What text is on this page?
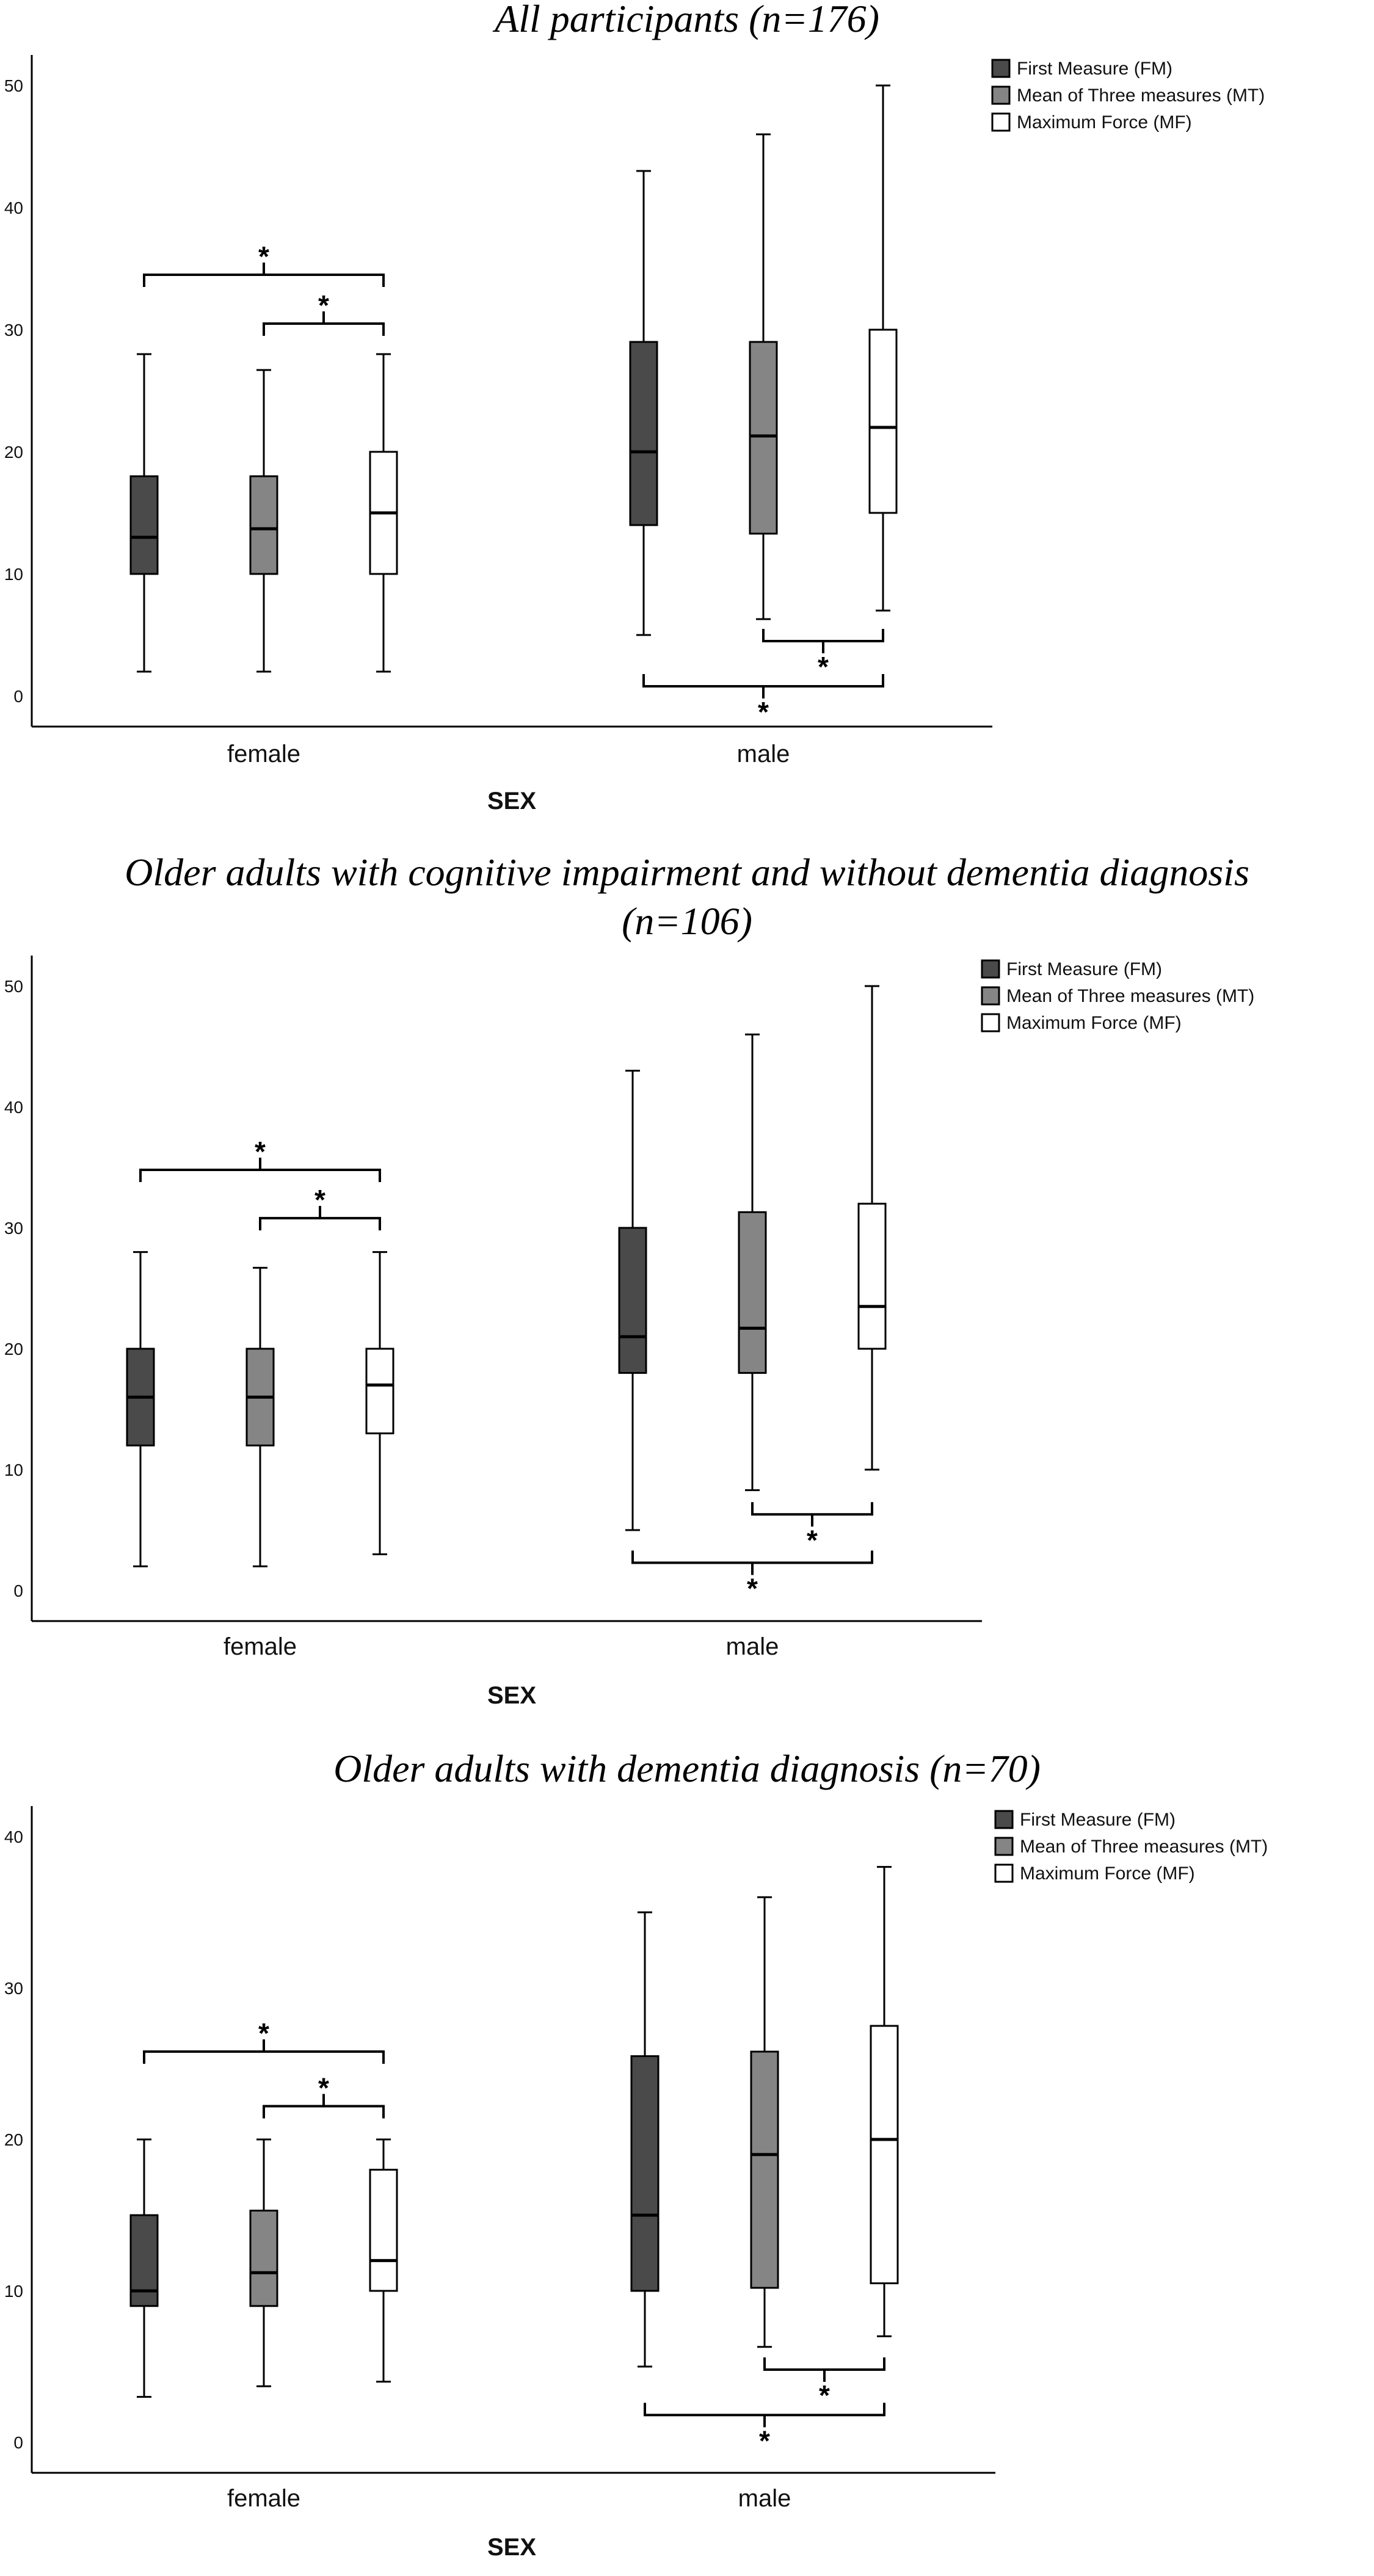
All participants (n=176)
0
10
20
30
40
50
female	male
SEX
*
*
*
*
First Measure (FM)
Mean of Three measures (MT)
Maximum Force (MF)
Older adults with cognitive impairment and without dementia diagnosis
(n=106)
0
10
20
30
40
50
female	male
SEX
*
*
*
*
First Measure (FM)
Mean of Three measures (MT)
Maximum Force (MF)
Older adults with dementia diagnosis (n=70)
0
10
20
30
40
female	male
SEX
*
*
*
*
First Measure (FM)
Mean of Three measures (MT)
Maximum Force (MF)
